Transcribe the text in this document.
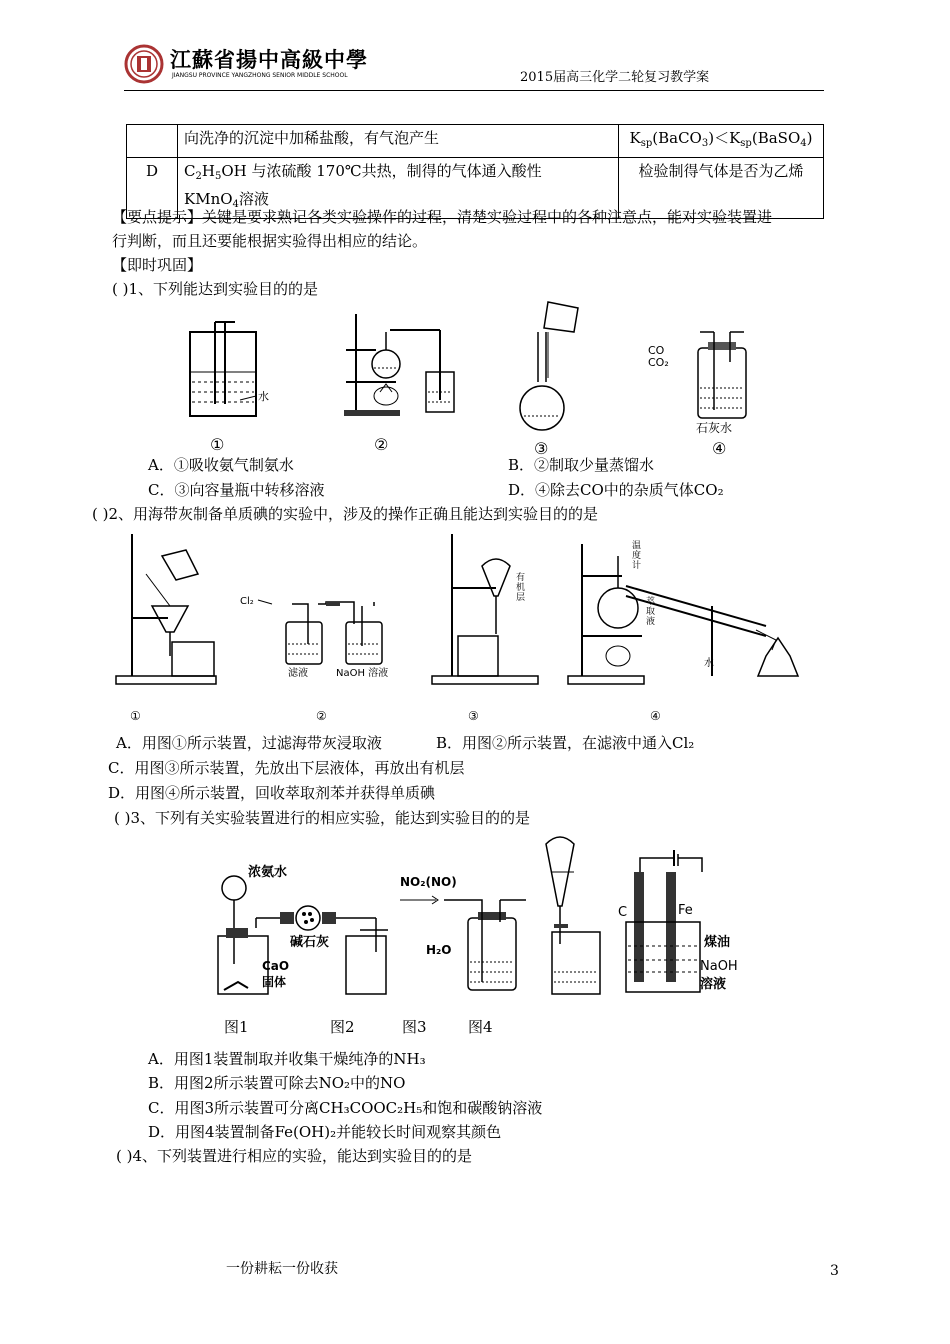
江蘇省揚中高級中學
JIANGSU PROVINCE YANGZHONG SENIOR MIDDLE SCHOOL	2015届高三化学二轮复习教学案
	向洗净的沉淀中加稀盐酸，有气泡产生	$K_{sp}(BaCO_3)<K_{sp}(BaSO_4)$
D	$C_2H_5OH$ 与浓硫酸 170℃共热，制得的气体通入酸性
KMnO$_4$溶液	检验制得气体是否为乙烯
【要点提示】关键是要求熟记各类实验操作的过程，清楚实验过程中的各种注意点，能对实验装置进
行判断，而且还要能根据实验得出相应的结论。
【即时巩固】
( )1、下列能达到实验目的的是
水
①	②	③
CO
CO₂
石灰水
④
A．①吸收氨气制氨水	B．②制取少量蒸馏水
C．③向容量瓶中转移溶液	D．④除去CO中的杂质气体CO₂
( )2、用海带灰制备单质碘的实验中，涉及的操作正确且能达到实验目的的是
①
Cl₂
滤液	NaOH 溶液
②
有
机
层
③
温
度
计
萃
取
液
水
④
A．用图①所示装置，过滤海带灰浸取液	B．用图②所示装置，在滤液中通入Cl₂
C．用图③所示装置，先放出下层液体，再放出有机层
D．用图④所示装置，回收萃取剂苯并获得单质碘
( )3、下列有关实验装置进行的相应实验，能达到实验目的的是
浓氨水
碱石灰
CaO
固体
NO₂(NO)
H₂O
C	Fe
煤油
NaOH
溶液
图1	图2	图3	图4
A．用图1装置制取并收集干燥纯净的NH₃
B．用图2所示装置可除去NO₂中的NO
C．用图3所示装置可分离CH₃COOC₂H₅和饱和碳酸钠溶液
D．用图4装置制备Fe(OH)₂并能较长时间观察其颜色
( )4、下列装置进行相应的实验，能达到实验目的的是
一份耕耘一份收获	3
